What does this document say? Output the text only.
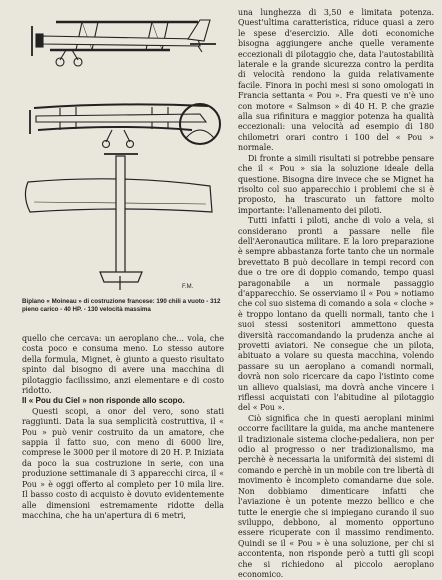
F.M.
Biplano « Moineau » di costruzione francese: 190 chili a vuoto - 312 pieno carico - 40 HP. - 130 velocità massima

quello che cercava: un aeroplano che... vola, che costa poco e consuma meno. Lo stesso autore della formula, Mignet, è giunto a questo risultato spinto dal bisogno di avere una macchina di pilotaggio facilissimo, anzi elementare e di costo ridotto.

Il « Pou du Ciel » non risponde allo scopo.

Questi scopi, a onor del vero, sono stati raggiunti. Data la sua semplicità costruttiva, il « Pou » può venir costruito da un amatore, che sappia il fatto suo, con meno di 6000 lire, comprese le 3000 per il motore di 20 H. P. Iniziata da poco la sua costruzione in serie, con una produzione settimanale di 3 apparecchi circa, il « Pou » è oggi offerto al completo per 10 mila lire. Il basso costo di acquisto è dovuto evidentemente alle dimensioni estremamente ridotte della macchina, che ha un'apertura di 6 metri,

una lunghezza di 3,50 e limitata potenza. Quest'ultima caratteristica, riduce quasi a zero le spese d'esercizio. Alle doti economiche bisogna aggiungere anche quelle veramente eccezionali di pilotaggio che, data l'autostabilità laterale e la grande sicurezza contro la perdita di velocità rendono la guida relativamente facile. Finora in pochi mesi si sono omologati in Francia settanta « Pou ». Fra questi ve n'è uno con motore « Salmson » di 40 H. P. che grazie alla sua rifinitura e maggior potenza ha qualità eccezionali: una velocità ad esempio di 180 chilometri orari contro i 100 del « Pou » normale.

Di fronte a simili risultati si potrebbe pensare che il « Pou » sia la soluzione ideale della questione. Bisogna dire invece che se Mignet ha risolto col suo apparecchio i problemi che si è proposto, ha trascurato un fattore molto importante: l'allenamento dei piloti.

Tutti infatti i piloti, anche di volo a vela, si considerano pronti a passare nelle file dell'Aeronautica militare. E la loro preparazione è sempre abbastanza forte tanto che un normale brevettato B può decollare in tempi record con due o tre ore di doppio comando, tempo quasi paragonabile a un normale passaggio d'apparecchio. Se osserviamo il « Pou » notiamo che col suo sistema di comando a sola « cloche » è troppo lontano da quelli normali, tanto che i suoi stessi sostenitori ammettono questa diversità raccomandando la prudenza anche ai provetti aviatori. Ne consegue che un pilota, abituato a volare su questa macchina, volendo passare su un aeroplano a comandi normali, dovrà non solo ricercare da capo l'istinto come un allievo qualsiasi, ma dovrà anche vincere i riflessi acquistati con l'abitudine al pilotaggio del « Pou ».

Ciò significa che in questi aeroplani minimi occorre facilitare la guida, ma anche mantenere il tradizionale sistema cloche-pedaliera, non per odio al progresso o ner tradizionalismo, ma perchè è necessaria la uniformità dei sistemi di comando e perchè in un mobile con tre libertà di movimento è incompleto comandarne due sole. Non dobbiamo dimenticare infatti che l'aviazione è un potente mezzo bellico e che tutte le energie che si impiegano curando il suo sviluppo, debbono, al momento opportuno essere ricuperate con il massimo rendimento. Quindi se il « Pou » è una soluzione, per chi si accontenta, non risponde però a tutti gli scopi che si richiedono al piccolo aeroplano economico.
